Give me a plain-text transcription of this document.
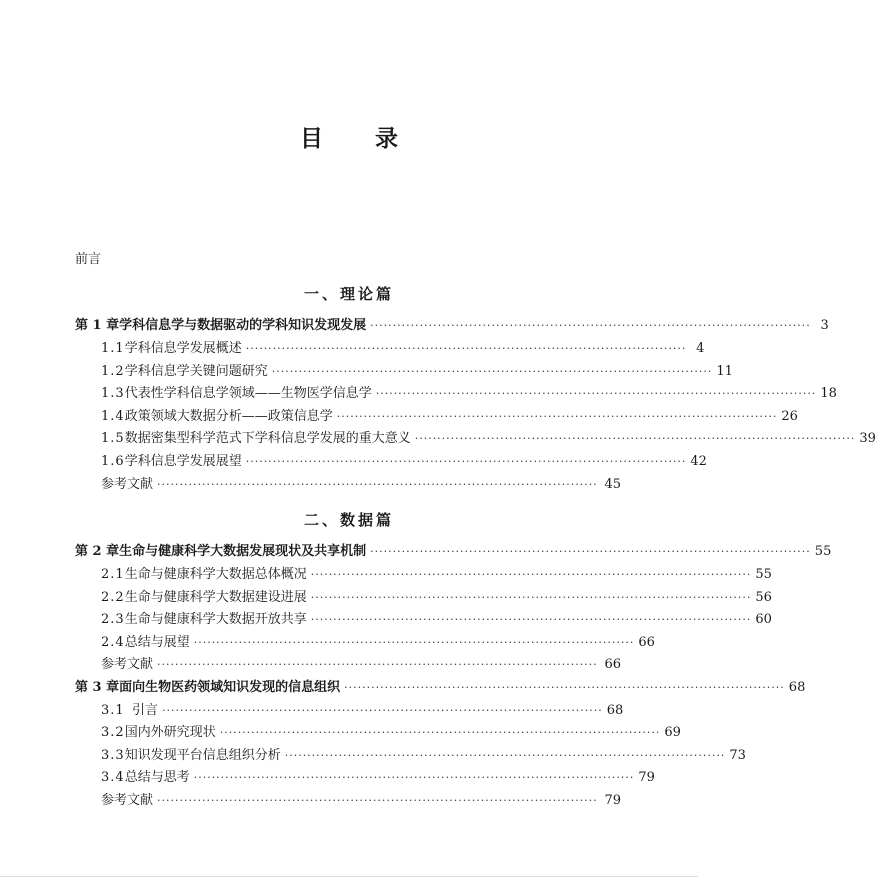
目 录
前言
一、理论篇
第 1 章 学科信息学与数据驱动的学科知识发现发展 ·································································································· 3
1.1 学科信息学发展概述 ·································································································· 4
1.2 学科信息学关键问题研究 ·································································································· 11
1.3 代表性学科信息学领域——生物医学信息学 ·································································································· 18
1.4 政策领域大数据分析——政策信息学 ·································································································· 26
1.5 数据密集型科学范式下学科信息学发展的重大意义 ·································································································· 39
1.6 学科信息学发展展望 ·································································································· 42
参考文献 ·································································································· 45
二、数据篇
第 2 章 生命与健康科学大数据发展现状及共享机制 ·································································································· 55
2.1 生命与健康科学大数据总体概况 ·································································································· 55
2.2 生命与健康科学大数据建设进展 ·································································································· 56
2.3 生命与健康科学大数据开放共享 ·································································································· 60
2.4 总结与展望 ·································································································· 66
参考文献 ·································································································· 66
第 3 章 面向生物医药领域知识发现的信息组织 ·································································································· 68
3.1 引言 ·································································································· 68
3.2 国内外研究现状 ·································································································· 69
3.3 知识发现平台信息组织分析 ·································································································· 73
3.4 总结与思考 ·································································································· 79
参考文献 ·································································································· 79
